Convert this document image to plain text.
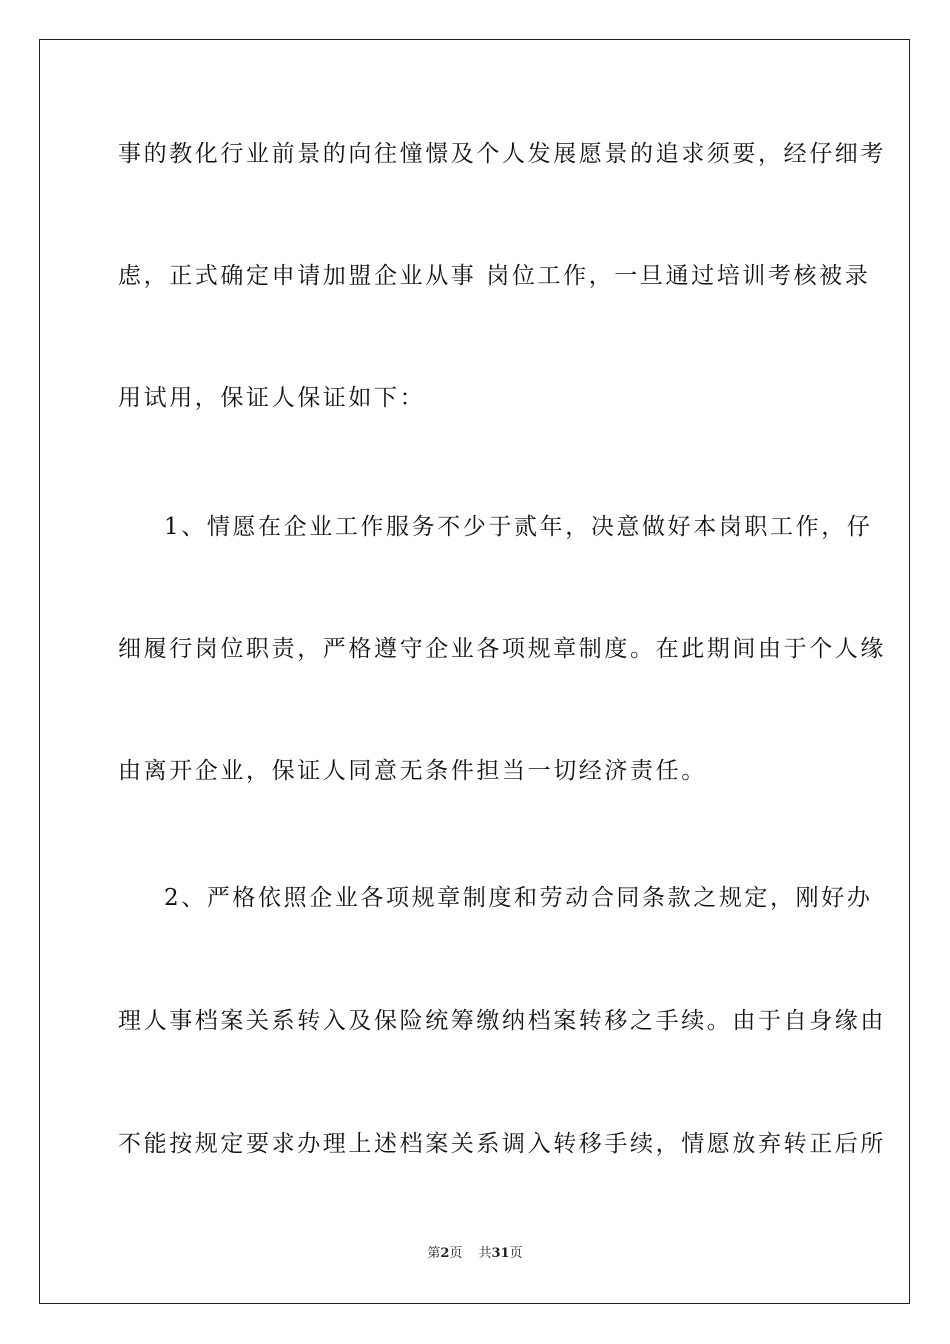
事的教化行业前景的向往憧憬及个人发展愿景的追求须要，经仔细考
虑，正式确定申请加盟企业从事 岗位工作，一旦通过培训考核被录
用试用，保证人保证如下：
1、情愿在企业工作服务不少于贰年，决意做好本岗职工作，仔
细履行岗位职责，严格遵守企业各项规章制度。在此期间由于个人缘
由离开企业，保证人同意无条件担当一切经济责任。
2、严格依照企业各项规章制度和劳动合同条款之规定，刚好办
理人事档案关系转入及保险统筹缴纳档案转移之手续。由于自身缘由
不能按规定要求办理上述档案关系调入转移手续，情愿放弃转正后所
第2页 共31页
